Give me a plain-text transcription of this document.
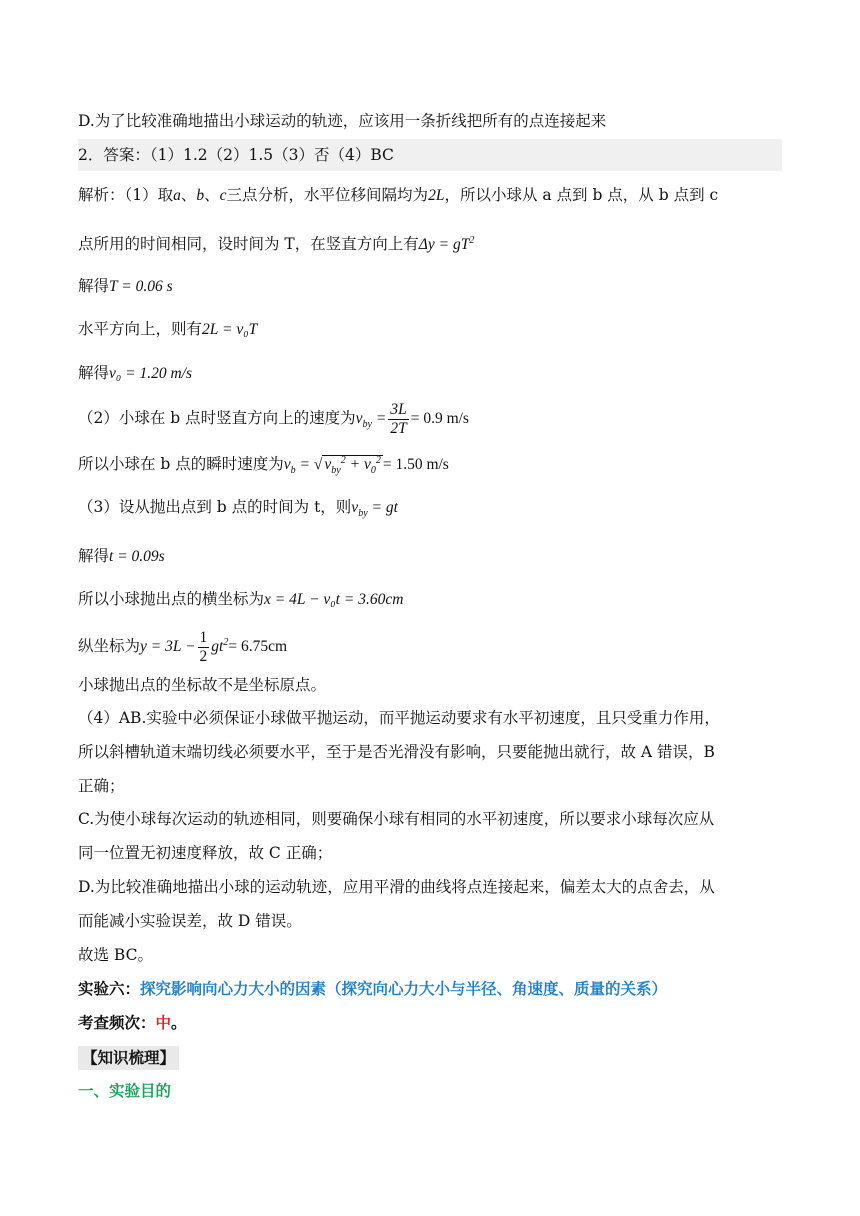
D.为了比较准确地描出小球运动的轨迹，应该用一条折线把所有的点连接起来
2．答案：（1）1.2（2）1.5（3）否（4）BC
解析：（1）取a、b、c三点分析，水平位移间隔均为2L，所以小球从 a 点到 b 点，从 b 点到 c
点所用的时间相同，设时间为 T，在竖直方向上有$\Delta y = gT^2$
解得T = 0.06 s
水平方向上，则有2L = v₀T
解得v₀ = 1.20 m/s
（2）小球在 b 点时竖直方向上的速度为$v_{by} = \frac{3L}{2T} = 0.9$ m/s
所以小球在 b 点的瞬时速度为$v_b$ = √ $v_{by}^2 + v_0^2 = 1.50$ m/s
（3）设从抛出点到 b 点的时间为 t，则$v_{by}$ = gt
解得t = 0.09s
所以小球抛出点的横坐标为x = 4L − v₀t = 3.60cm
纵坐标为$y = 3L - \frac{1}{2} gt^2= 6.75cm$
小球抛出点的坐标故不是坐标原点。
（4）AB.实验中必须保证小球做平抛运动，而平抛运动要求有水平初速度，且只受重力作用，
所以斜槽轨道末端切线必须要水平，至于是否光滑没有影响，只要能抛出就行，故 A 错误，B
正确；
C.为使小球每次运动的轨迹相同，则要确保小球有相同的水平初速度，所以要求小球每次应从
同一位置无初速度释放，故 C 正确；
D.为比较准确地描出小球的运动轨迹，应用平滑的曲线将点连接起来，偏差太大的点舍去，从
而能减小实验误差，故 D 错误。
故选 BC。
实验六：探究影响向心力大小的因素（探究向心力大小与半径、角速度、质量的关系）
考查频次：中。
【知识梳理】
一、实验目的
